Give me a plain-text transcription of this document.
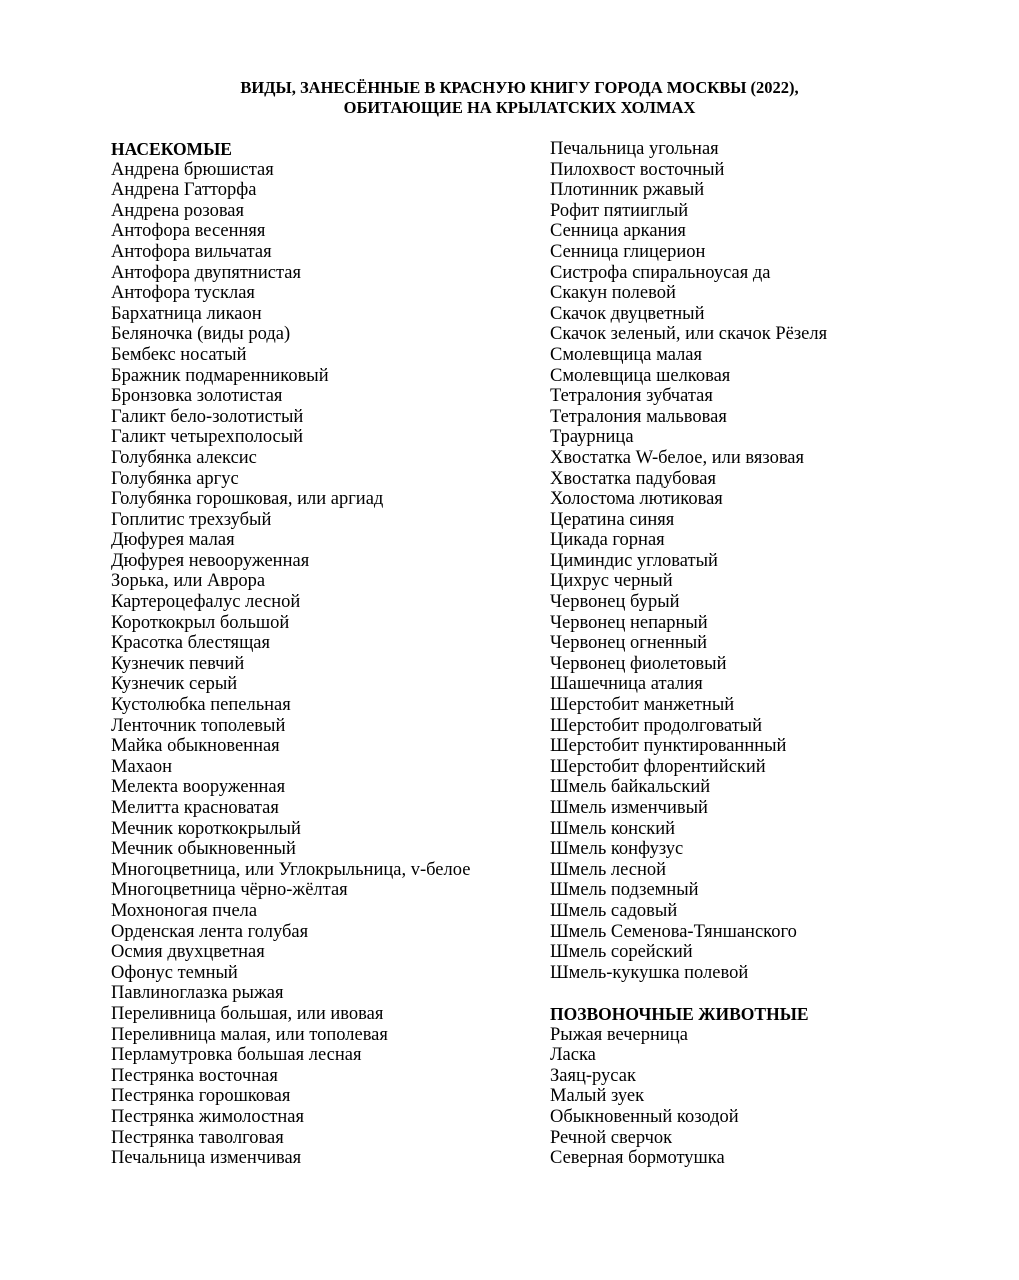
ВИДЫ, ЗАНЕСЁННЫЕ В КРАСНУЮ КНИГУ ГОРОДА МОСКВЫ (2022),
ОБИТАЮЩИЕ НА КРЫЛАТСКИХ ХОЛМАХ
НАСЕКОМЫЕ
Андрена брюшистая
Андрена Гатторфа
Андрена розовая
Антофора весенняя
Антофора вильчатая
Антофора двупятнистая
Антофора тусклая
Бархатница ликаон
Беляночка (виды рода)
Бембекс носатый
Бражник подмаренниковый
Бронзовка золотистая
Галикт бело-золотистый
Галикт четырехполосый
Голубянка алексис
Голубянка аргус
Голубянка горошковая, или аргиад
Гоплитис трехзубый
Дюфурея малая
Дюфурея невооруженная
Зорька, или Аврора
Картероцефалус лесной
Короткокрыл большой
Красотка блестящая
Кузнечик певчий
Кузнечик серый
Кустолюбка пепельная
Ленточник тополевый
Майка обыкновенная
Махаон
Мелекта вооруженная
Мелитта красноватая
Мечник короткокрылый
Мечник обыкновенный
Многоцветница, или Углокрыльница, v-белое
Многоцветница чёрно-жёлтая
Мохноногая пчела
Орденская лента голубая
Осмия двухцветная
Офонус темный
Павлиноглазка рыжая
Переливница большая, или ивовая
Переливница малая, или тополевая
Перламутровка большая лесная
Пестрянка восточная
Пестрянка горошковая
Пестрянка жимолостная
Пестрянка таволговая
Печальница изменчивая
Печальница угольная
Пилохвост восточный
Плотинник ржавый
Рофит пятииглый
Сенница аркания
Сенница глицерион
Систрофа спиральноусая да
Скакун полевой
Скачок двуцветный
Скачок зеленый, или скачок Рёзеля
Смолевщица малая
Смолевщица шелковая
Тетралония зубчатая
Тетралония мальвовая
Траурница
Хвостатка W-белое, или вязовая
Хвостатка падубовая
Холостома лютиковая
Цератина синяя
Цикада горная
Циминдис угловатый
Цихрус черный
Червонец бурый
Червонец непарный
Червонец огненный
Червонец фиолетовый
Шашечница аталия
Шерстобит манжетный
Шерстобит продолговатый
Шерстобит пунктированнный
Шерстобит флорентийский
Шмель байкальский
Шмель изменчивый
Шмель конский
Шмель конфузус
Шмель лесной
Шмель подземный
Шмель садовый
Шмель Семенова-Тяншанского
Шмель сорейский
Шмель-кукушка полевой
ПОЗВОНОЧНЫЕ ЖИВОТНЫЕ
Рыжая вечерница
Ласка
Заяц-русак
Малый зуек
Обыкновенный козодой
Речной сверчок
Северная бормотушка
